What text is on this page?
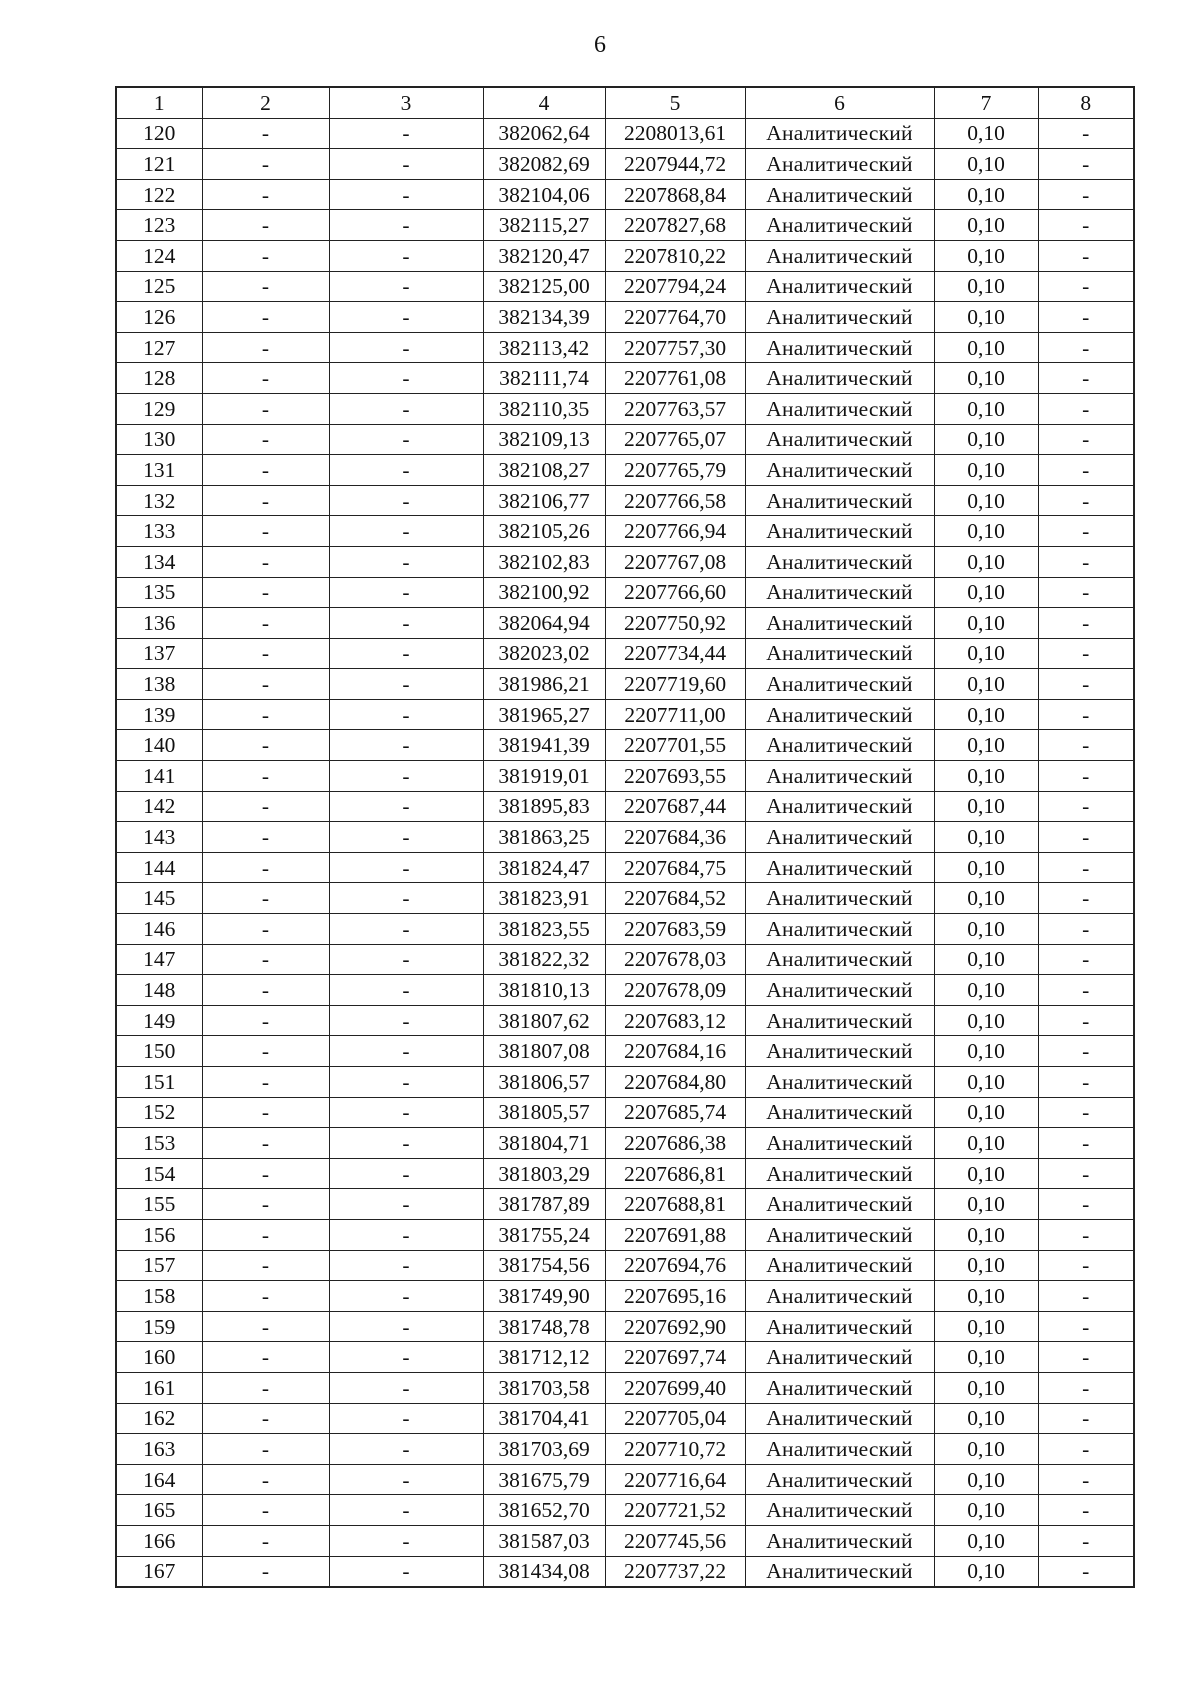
6
1	2	3	4	5	6	7	8
120	-	-	382062,64	2208013,61	Аналитический	0,10	-
121	-	-	382082,69	2207944,72	Аналитический	0,10	-
122	-	-	382104,06	2207868,84	Аналитический	0,10	-
123	-	-	382115,27	2207827,68	Аналитический	0,10	-
124	-	-	382120,47	2207810,22	Аналитический	0,10	-
125	-	-	382125,00	2207794,24	Аналитический	0,10	-
126	-	-	382134,39	2207764,70	Аналитический	0,10	-
127	-	-	382113,42	2207757,30	Аналитический	0,10	-
128	-	-	382111,74	2207761,08	Аналитический	0,10	-
129	-	-	382110,35	2207763,57	Аналитический	0,10	-
130	-	-	382109,13	2207765,07	Аналитический	0,10	-
131	-	-	382108,27	2207765,79	Аналитический	0,10	-
132	-	-	382106,77	2207766,58	Аналитический	0,10	-
133	-	-	382105,26	2207766,94	Аналитический	0,10	-
134	-	-	382102,83	2207767,08	Аналитический	0,10	-
135	-	-	382100,92	2207766,60	Аналитический	0,10	-
136	-	-	382064,94	2207750,92	Аналитический	0,10	-
137	-	-	382023,02	2207734,44	Аналитический	0,10	-
138	-	-	381986,21	2207719,60	Аналитический	0,10	-
139	-	-	381965,27	2207711,00	Аналитический	0,10	-
140	-	-	381941,39	2207701,55	Аналитический	0,10	-
141	-	-	381919,01	2207693,55	Аналитический	0,10	-
142	-	-	381895,83	2207687,44	Аналитический	0,10	-
143	-	-	381863,25	2207684,36	Аналитический	0,10	-
144	-	-	381824,47	2207684,75	Аналитический	0,10	-
145	-	-	381823,91	2207684,52	Аналитический	0,10	-
146	-	-	381823,55	2207683,59	Аналитический	0,10	-
147	-	-	381822,32	2207678,03	Аналитический	0,10	-
148	-	-	381810,13	2207678,09	Аналитический	0,10	-
149	-	-	381807,62	2207683,12	Аналитический	0,10	-
150	-	-	381807,08	2207684,16	Аналитический	0,10	-
151	-	-	381806,57	2207684,80	Аналитический	0,10	-
152	-	-	381805,57	2207685,74	Аналитический	0,10	-
153	-	-	381804,71	2207686,38	Аналитический	0,10	-
154	-	-	381803,29	2207686,81	Аналитический	0,10	-
155	-	-	381787,89	2207688,81	Аналитический	0,10	-
156	-	-	381755,24	2207691,88	Аналитический	0,10	-
157	-	-	381754,56	2207694,76	Аналитический	0,10	-
158	-	-	381749,90	2207695,16	Аналитический	0,10	-
159	-	-	381748,78	2207692,90	Аналитический	0,10	-
160	-	-	381712,12	2207697,74	Аналитический	0,10	-
161	-	-	381703,58	2207699,40	Аналитический	0,10	-
162	-	-	381704,41	2207705,04	Аналитический	0,10	-
163	-	-	381703,69	2207710,72	Аналитический	0,10	-
164	-	-	381675,79	2207716,64	Аналитический	0,10	-
165	-	-	381652,70	2207721,52	Аналитический	0,10	-
166	-	-	381587,03	2207745,56	Аналитический	0,10	-
167	-	-	381434,08	2207737,22	Аналитический	0,10	-
